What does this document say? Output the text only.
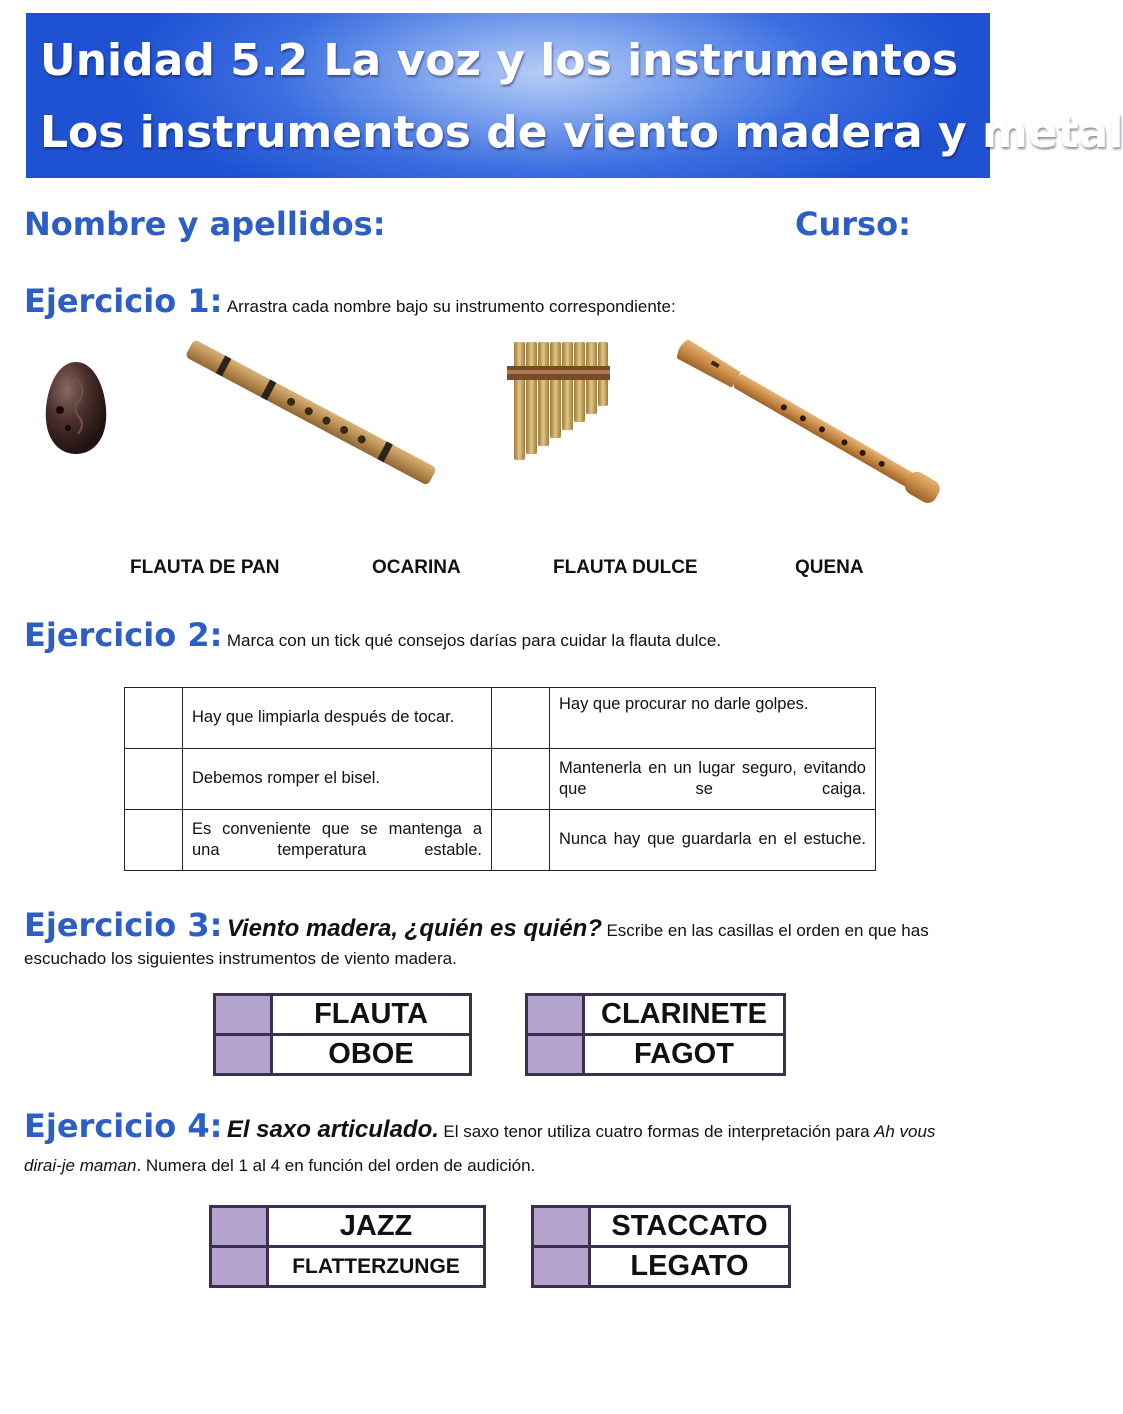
Unidad 5.2 La voz y los instrumentos
Los instrumentos de viento madera y metal
Nombre y apellidos:	Curso:
Ejercicio 1: Arrastra cada nombre bajo su instrumento correspondiente:
FLAUTA DE PAN	OCARINA	FLAUTA DULCE	QUENA
Ejercicio 2: Marca con un tick qué consejos darías para cuidar la flauta dulce.
	Hay que limpiarla después de tocar.		Hay que procurar no darle golpes.
	Debemos romper el bisel.		Mantenerla en un lugar seguro, evitando que se caiga.
	Es conveniente que se mantenga a una temperatura estable.		Nunca hay que guardarla en el estuche.
Ejercicio 3: Viento madera, ¿quién es quién? Escribe en las casillas el orden en que has
escuchado los siguientes instrumentos de viento madera.
FLAUTA
OBOE
CLARINETE
FAGOT
Ejercicio 4: El saxo articulado. El saxo tenor utiliza cuatro formas de interpretación para Ah vous
dirai-je maman. Numera del 1 al 4 en función del orden de audición.
JAZZ
FLATTERZUNGE
STACCATO
LEGATO
